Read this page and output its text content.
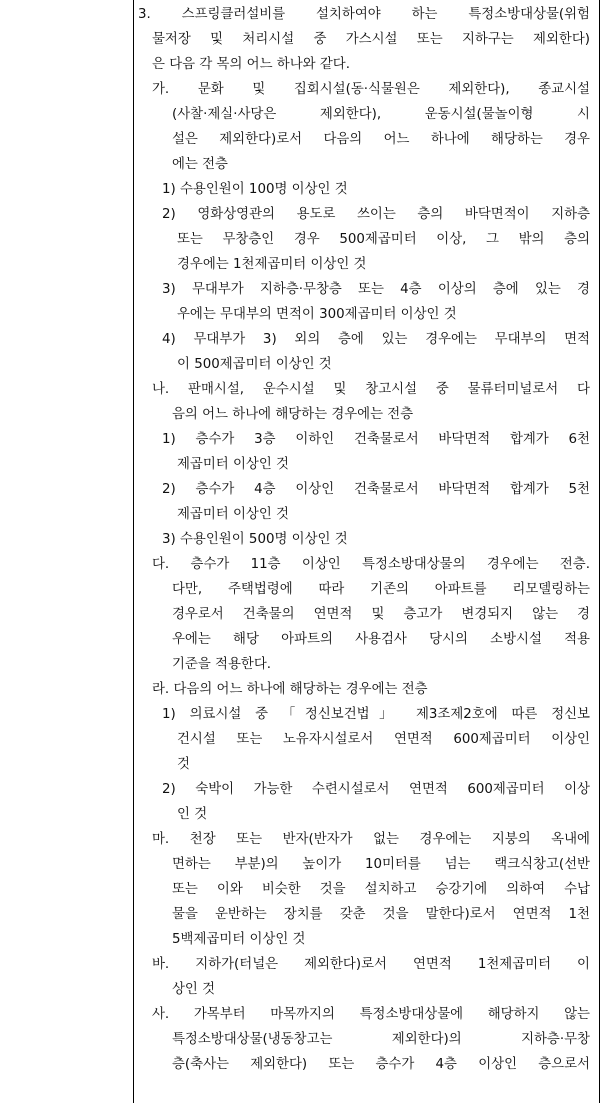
3. 스프링클러설비를 설치하여야 하는 특정소방대상물(위험
물저장 및 처리시설 중 가스시설 또는 지하구는 제외한다)
은 다음 각 목의 어느 하나와 같다.
가. 문화 및 집회시설(동·식물원은 제외한다), 종교시설
(사찰·제실·사당은 제외한다), 운동시설(물놀이형 시
설은 제외한다)로서 다음의 어느 하나에 해당하는 경우
에는 전층
1) 수용인원이 100명 이상인 것
2) 영화상영관의 용도로 쓰이는 층의 바닥면적이 지하층
또는 무창층인 경우 500제곱미터 이상, 그 밖의 층의
경우에는 1천제곱미터 이상인 것
3) 무대부가 지하층·무창층 또는 4층 이상의 층에 있는 경
우에는 무대부의 면적이 300제곱미터 이상인 것
4) 무대부가 3) 외의 층에 있는 경우에는 무대부의 면적
이 500제곱미터 이상인 것
나. 판매시설, 운수시설 및 창고시설 중 물류터미널로서 다
음의 어느 하나에 해당하는 경우에는 전층
1) 층수가 3층 이하인 건축물로서 바닥면적 합계가 6천
제곱미터 이상인 것
2) 층수가 4층 이상인 건축물로서 바닥면적 합계가 5천
제곱미터 이상인 것
3) 수용인원이 500명 이상인 것
다. 층수가 11층 이상인 특정소방대상물의 경우에는 전층.
다만, 주택법령에 따라 기존의 아파트를 리모델링하는
경우로서 건축물의 연면적 및 층고가 변경되지 않는 경
우에는 해당 아파트의 사용검사 당시의 소방시설 적용
기준을 적용한다.
라. 다음의 어느 하나에 해당하는 경우에는 전층
1) 의료시설 중 「정신보건법」 제3조제2호에 따른 정신보
건시설 또는 노유자시설로서 연면적 600제곱미터 이상인
것
2) 숙박이 가능한 수련시설로서 연면적 600제곱미터 이상
인 것
마. 천장 또는 반자(반자가 없는 경우에는 지붕의 옥내에
면하는 부분)의 높이가 10미터를 넘는 랙크식창고(선반
또는 이와 비슷한 것을 설치하고 승강기에 의하여 수납
물을 운반하는 장치를 갖춘 것을 말한다)로서 연면적 1천
5백제곱미터 이상인 것
바. 지하가(터널은 제외한다)로서 연면적 1천제곱미터 이
상인 것
사. 가목부터 마목까지의 특정소방대상물에 해당하지 않는
특정소방대상물(냉동창고는 제외한다)의 지하층·무창
층(축사는 제외한다) 또는 층수가 4층 이상인 층으로서
